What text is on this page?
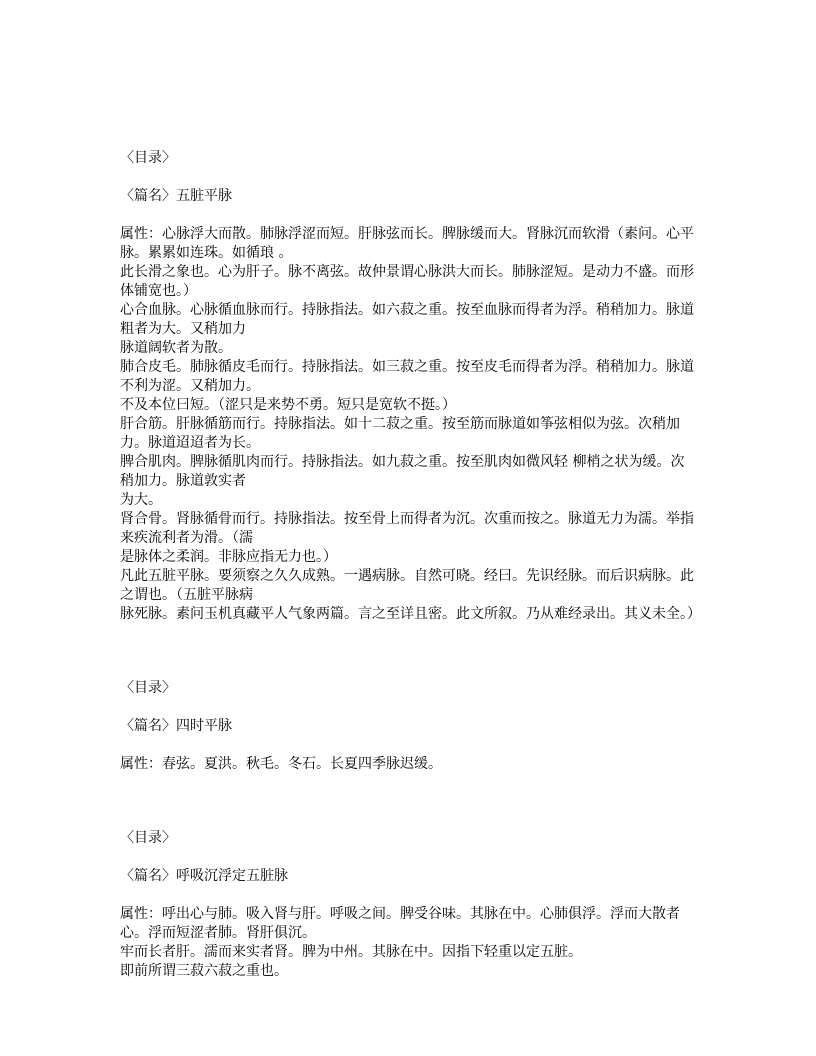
〈目录〉

〈篇名〉五脏平脉

属性：心脉浮大而散。肺脉浮涩而短。肝脉弦而长。脾脉缓而大。肾脉沉而软滑（素问。心平脉。累累如连珠。如循琅 。

此长滑之象也。心为肝子。脉不离弦。故仲景谓心脉洪大而长。肺脉涩短。是动力不盛。而形体铺宽也。）

心合血脉。心脉循血脉而行。持脉指法。如六菽之重。按至血脉而得者为浮。稍稍加力。脉道粗者为大。又稍加力

脉道阔软者为散。

肺合皮毛。肺脉循皮毛而行。持脉指法。如三菽之重。按至皮毛而得者为浮。稍稍加力。脉道不利为涩。又稍加力。

不及本位曰短。（涩只是来势不勇。短只是宽软不挺。）

肝合筋。肝脉循筋而行。持脉指法。如十二菽之重。按至筋而脉道如筝弦相似为弦。次稍加力。脉道迢迢者为长。

脾合肌肉。脾脉循肌肉而行。持脉指法。如九菽之重。按至肌肉如微风轻 柳梢之状为缓。次稍加力。脉道敦实者

为大。

肾合骨。肾脉循骨而行。持脉指法。按至骨上而得者为沉。次重而按之。脉道无力为濡。举指来疾流利者为滑。（濡

是脉体之柔润。非脉应指无力也。）

凡此五脏平脉。要须察之久久成熟。一遇病脉。自然可晓。经曰。先识经脉。而后识病脉。此之谓也。（五脏平脉病

脉死脉。素问玉机真藏平人气象两篇。言之至详且密。此文所叙。乃从难经录出。其义未全。）

〈目录〉

〈篇名〉四时平脉

属性：春弦。夏洪。秋毛。冬石。长夏四季脉迟缓。

〈目录〉

〈篇名〉呼吸沉浮定五脏脉

属性：呼出心与肺。吸入肾与肝。呼吸之间。脾受谷味。其脉在中。心肺俱浮。浮而大散者心。浮而短涩者肺。肾肝俱沉。

牢而长者肝。濡而来实者肾。脾为中州。其脉在中。因指下轻重以定五脏。

即前所谓三菽六菽之重也。
